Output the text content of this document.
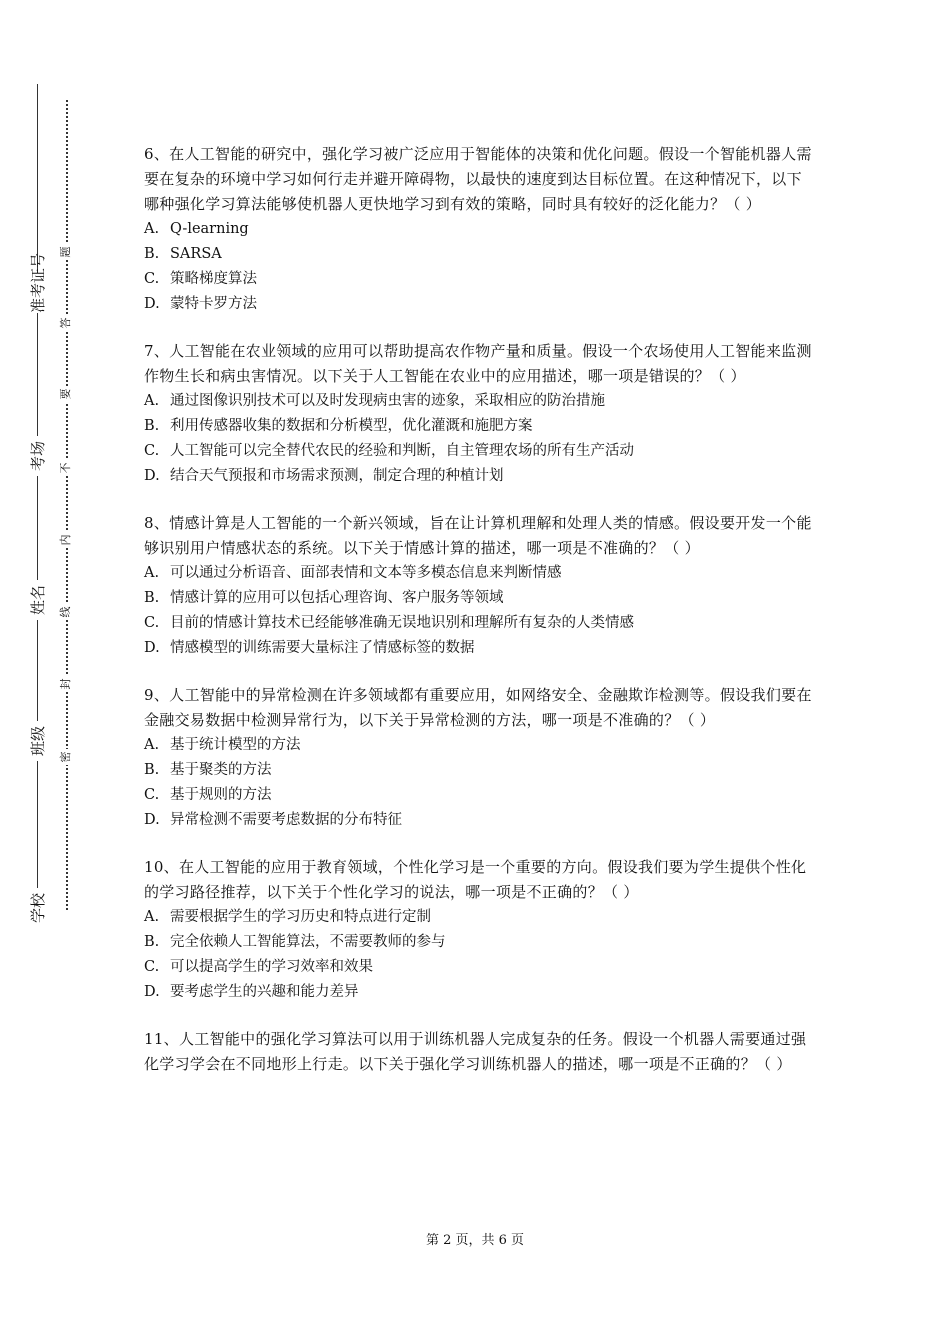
准考证号
考场
姓名
班级
学校
题
答
要
不
内
线
封
密

6、在人工智能的研究中，强化学习被广泛应用于智能体的决策和优化问题。假设一个智能机器人需要在复杂的环境中学习如何行走并避开障碍物，以最快的速度到达目标位置。在这种情况下，以下哪种强化学习算法能够使机器人更快地学习到有效的策略，同时具有较好的泛化能力？（ ）

A. Q-learning
B. SARSA
C. 策略梯度算法
D. 蒙特卡罗方法

7、人工智能在农业领域的应用可以帮助提高农作物产量和质量。假设一个农场使用人工智能来监测作物生长和病虫害情况。以下关于人工智能在农业中的应用描述，哪一项是错误的？（ ）

A. 通过图像识别技术可以及时发现病虫害的迹象，采取相应的防治措施
B. 利用传感器收集的数据和分析模型，优化灌溉和施肥方案
C. 人工智能可以完全替代农民的经验和判断，自主管理农场的所有生产活动
D. 结合天气预报和市场需求预测，制定合理的种植计划

8、情感计算是人工智能的一个新兴领域，旨在让计算机理解和处理人类的情感。假设要开发一个能够识别用户情感状态的系统。以下关于情感计算的描述，哪一项是不准确的？（ ）

A. 可以通过分析语音、面部表情和文本等多模态信息来判断情感
B. 情感计算的应用可以包括心理咨询、客户服务等领域
C. 目前的情感计算技术已经能够准确无误地识别和理解所有复杂的人类情感
D. 情感模型的训练需要大量标注了情感标签的数据

9、人工智能中的异常检测在许多领域都有重要应用，如网络安全、金融欺诈检测等。假设我们要在金融交易数据中检测异常行为，以下关于异常检测的方法，哪一项是不准确的？（ ）

A. 基于统计模型的方法
B. 基于聚类的方法
C. 基于规则的方法
D. 异常检测不需要考虑数据的分布特征

10、在人工智能的应用于教育领域，个性化学习是一个重要的方向。假设我们要为学生提供个性化的学习路径推荐，以下关于个性化学习的说法，哪一项是不正确的？（ ）

A. 需要根据学生的学习历史和特点进行定制
B. 完全依赖人工智能算法，不需要教师的参与
C. 可以提高学生的学习效率和效果
D. 要考虑学生的兴趣和能力差异

11、人工智能中的强化学习算法可以用于训练机器人完成复杂的任务。假设一个机器人需要通过强化学习学会在不同地形上行走。以下关于强化学习训练机器人的描述，哪一项是不正确的？（ ）

第 2 页，共 6 页
